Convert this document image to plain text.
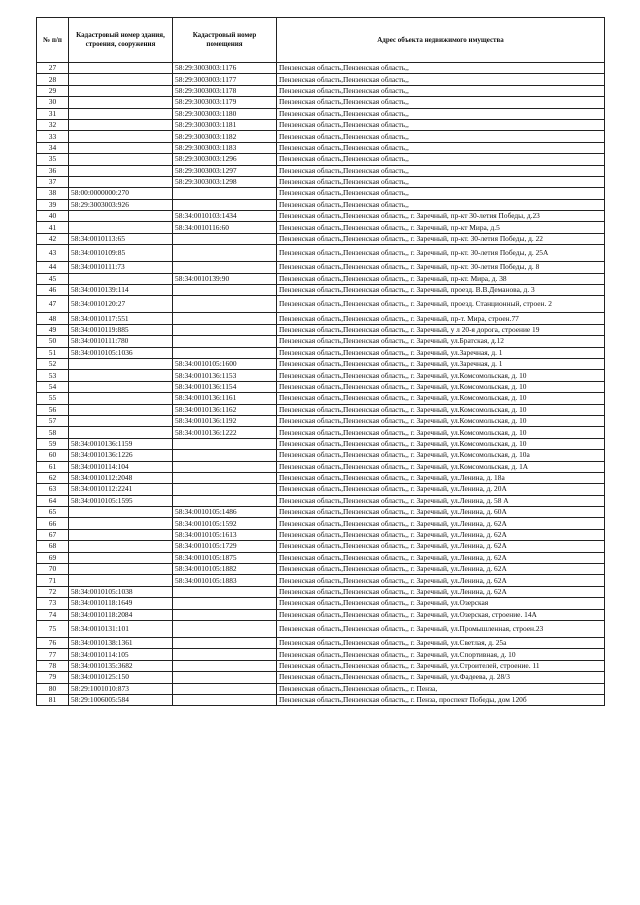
№ п/п	Кадастровый номер здания, строения, сооружения	Кадастровый номер помещения	Адрес объекта недвижимого имущества
27		58:29:3003003:1176	Пензенская область,Пензенская область,,
28		58:29:3003003:1177	Пензенская область,Пензенская область,,
29		58:29:3003003:1178	Пензенская область,Пензенская область,,
30		58:29:3003003:1179	Пензенская область,Пензенская область,,
31		58:29:3003003:1180	Пензенская область,Пензенская область,,
32		58:29:3003003:1181	Пензенская область,Пензенская область,,
33		58:29:3003003:1182	Пензенская область,Пензенская область,,
34		58:29:3003003:1183	Пензенская область,Пензенская область,,
35		58:29:3003003:1296	Пензенская область,Пензенская область,,
36		58:29:3003003:1297	Пензенская область,Пензенская область,,
37		58:29:3003003:1298	Пензенская область,Пензенская область,,
38	58:00:0000000:270		Пензенская область,Пензенская область,,
39	58:29:3003003:926		Пензенская область,Пензенская область,,
40		58:34:0010103:1434	Пензенская область,Пензенская область,, г. Заречный, пр-кт 30-летия Победы, д.23
41		58:34:0010116:60	Пензенская область,Пензенская область,, г. Заречный, пр-кт Мира, д.5
42	58:34:0010113:65		Пензенская область,Пензенская область,, г. Заречный, пр-кт. 30-летия Победы, д. 22
43	58:34:0010109:85		Пензенская область,Пензенская область,, г. Заречный, пр-кт. 30-летия Победы, д. 25А
44	58:34:0010111:73		Пензенская область,Пензенская область,, г. Заречный, пр-кт. 30-летия Победы, д. 8
45		58:34:0010139:90	Пензенская область,Пензенская область,, г. Заречный, пр-кт. Мира, д. 38
46	58:34:0010139:114		Пензенская область,Пензенская область,, г. Заречный, проезд. В.В.Деманова, д. 3
47	58:34:0010120:27		Пензенская область,Пензенская область,, г. Заречный, проезд. Станционный, строен. 2
48	58:34:0010117:551		Пензенская область,Пензенская область,, г. Заречный, пр-т. Мира, строен.77
49	58:34:0010119:885		Пензенская область,Пензенская область,, г. Заречный, у л 20-я дорога, строение 19
50	58:34:0010111:780		Пензенская область,Пензенская область,, г. Заречный, ул.Братская, д.12
51	58:34:0010105:1036		Пензенская область,Пензенская область,, г. Заречный, ул.Заречная, д. 1
52		58:34:0010105:1600	Пензенская область,Пензенская область,, г. Заречный, ул.Заречная, д. 1
53		58:34:0010136:1153	Пензенская область,Пензенская область,, г. Заречный, ул.Комсомольская, д. 10
54		58:34:0010136:1154	Пензенская область,Пензенская область,, г. Заречный, ул.Комсомольская, д. 10
55		58:34:0010136:1161	Пензенская область,Пензенская область,, г. Заречный, ул.Комсомольская, д. 10
56		58:34:0010136:1162	Пензенская область,Пензенская область,, г. Заречный, ул.Комсомольская, д. 10
57		58:34:0010136:1192	Пензенская область,Пензенская область,, г. Заречный, ул.Комсомольская, д. 10
58		58:34:0010136:1222	Пензенская область,Пензенская область,, г. Заречный, ул.Комсомольская, д. 10
59	58:34:0010136:1159		Пензенская область,Пензенская область,, г. Заречный, ул.Комсомольская, д. 10
60	58:34:0010136:1226		Пензенская область,Пензенская область,, г. Заречный, ул.Комсомольская, д. 10а
61	58:34:0010114:104		Пензенская область,Пензенская область,, г. Заречный, ул.Комсомольская, д. 1А
62	58:34:0010112:2048		Пензенская область,Пензенская область,, г. Заречный, ул.Ленина, д. 18а
63	58:34:0010112:2241		Пензенская область,Пензенская область,, г. Заречный, ул.Ленина, д. 20А
64	58:34:0010105:1595		Пензенская область,Пензенская область,, г. Заречный, ул.Ленина, д. 58 А
65		58:34:0010105:1486	Пензенская область,Пензенская область,, г. Заречный, ул.Ленина, д. 60А
66		58:34:0010105:1592	Пензенская область,Пензенская область,, г. Заречный, ул.Ленина, д. 62А
67		58:34:0010105:1613	Пензенская область,Пензенская область,, г. Заречный, ул.Ленина, д. 62А
68		58:34:0010105:1729	Пензенская область,Пензенская область,, г. Заречный, ул.Ленина, д. 62А
69		58:34:0010105:1875	Пензенская область,Пензенская область,, г. Заречный, ул.Ленина, д. 62А
70		58:34:0010105:1882	Пензенская область,Пензенская область,, г. Заречный, ул.Ленина, д. 62А
71		58:34:0010105:1883	Пензенская область,Пензенская область,, г. Заречный, ул.Ленина, д. 62А
72	58:34:0010105:1038		Пензенская область,Пензенская область,, г. Заречный, ул.Ленина, д. 62А
73	58:34:0010118:1649		Пензенская область,Пензенская область,, г. Заречный, ул.Озерская
74	58:34:0010118:2084		Пензенская область,Пензенская область,, г. Заречный, ул.Озерская, строение. 14А
75	58:34:0010131:101		Пензенская область,Пензенская область,, г. Заречный, ул.Промышленная, строен.23
76	58:34:0010138:1361		Пензенская область,Пензенская область,, г. Заречный, ул.Светлая, д. 25а
77	58:34:0010114:105		Пензенская область,Пензенская область,, г. Заречный, ул.Спортивная, д. 10
78	58:34:0010135:3682		Пензенская область,Пензенская область,, г. Заречный, ул.Строителей, строение. 11
79	58:34:0010125:150		Пензенская область,Пензенская область,, г. Заречный, ул.Фадеева, д. 28/3
80	58:29:1001010:873		Пензенская область,Пензенская область,, г. Пенза,
81	58:29:1006005:584		Пензенская область,Пензенская область,, г. Пенза, проспект Победы, дом 120б
